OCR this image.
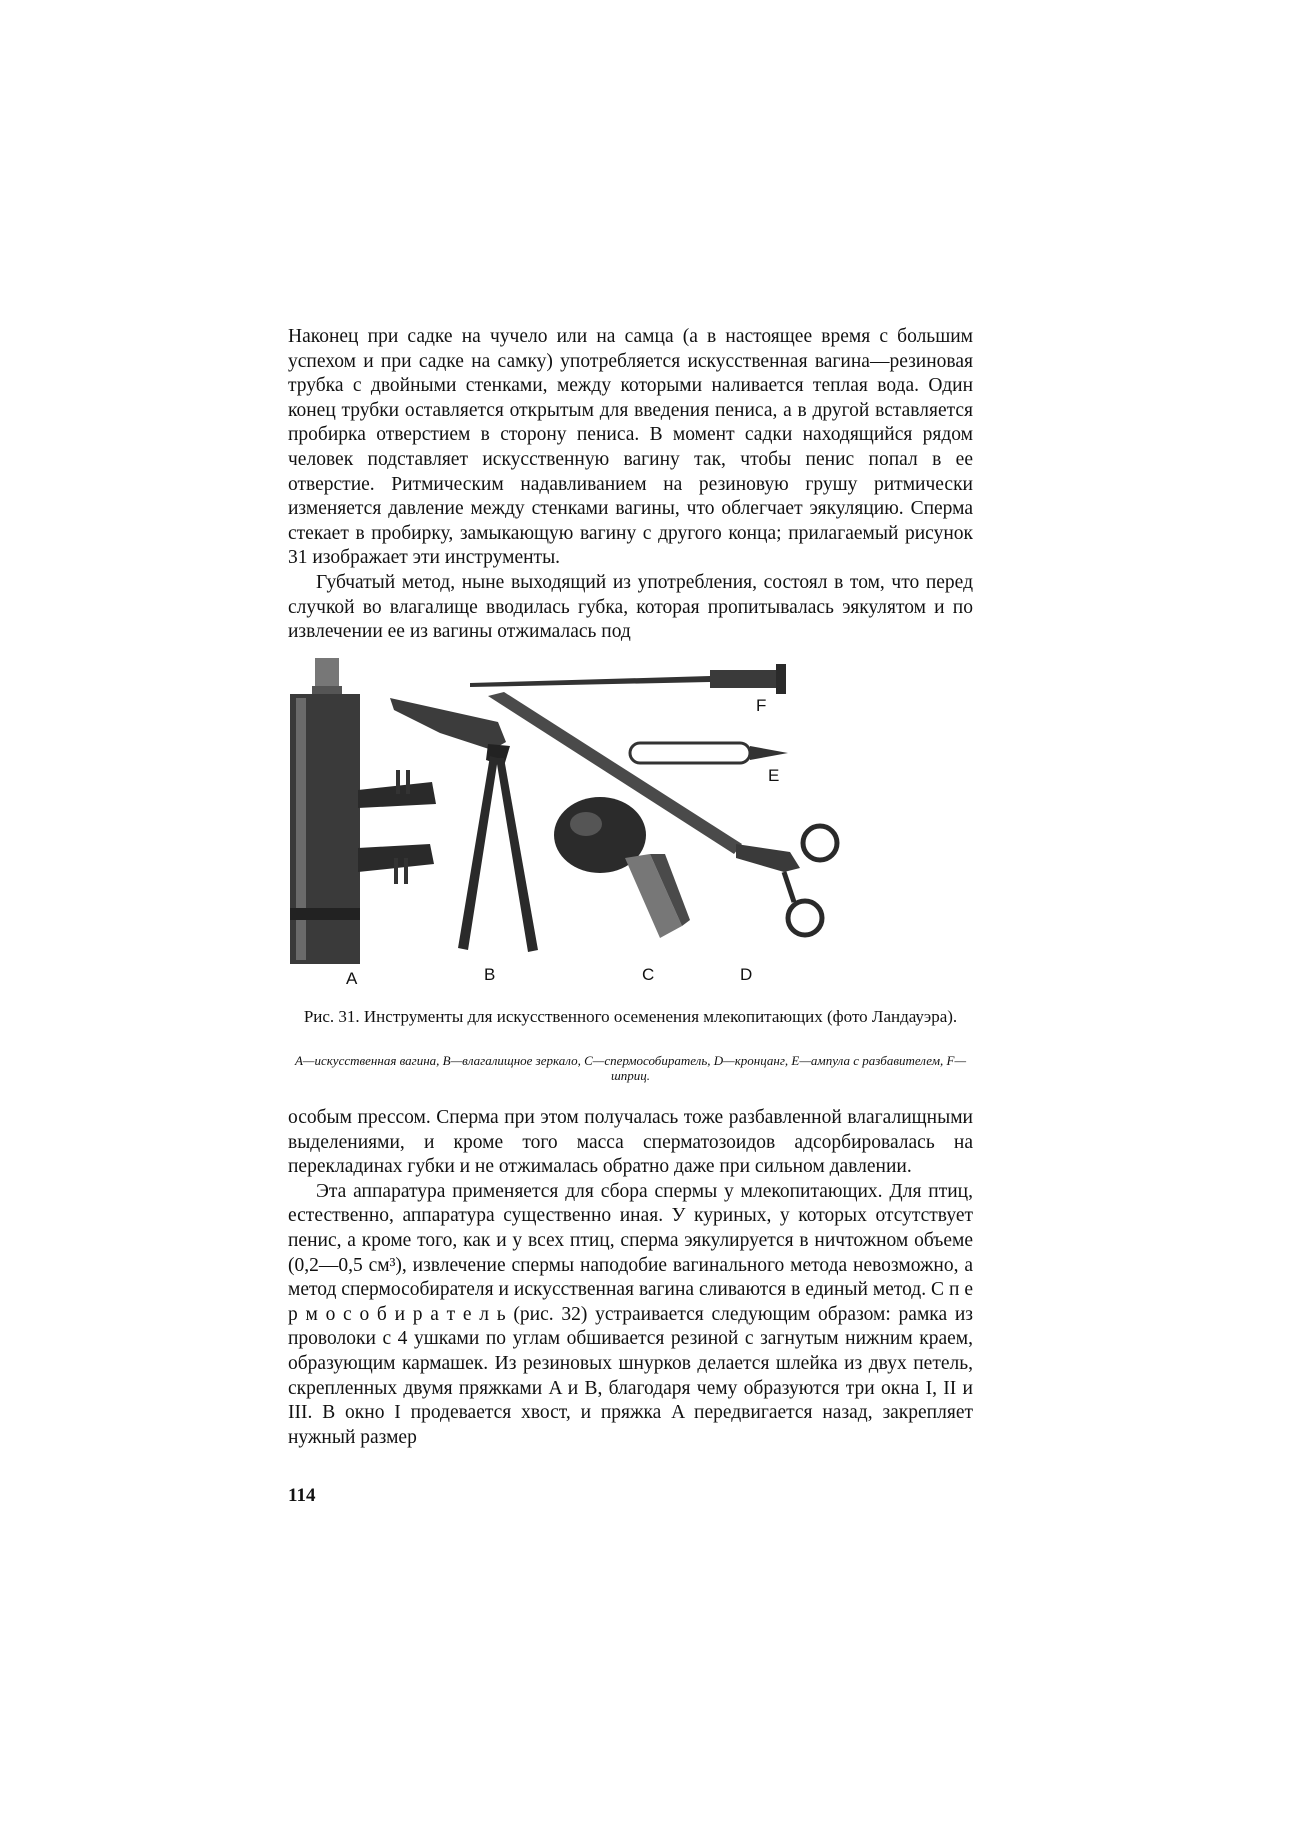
Наконец при садке на чучело или на самца (а в настоящее время с большим успехом и при садке на самку) употребляется искусственная вагина—резиновая трубка с двойными стенками, между которыми наливается теплая вода. Один конец трубки оставляется открытым для введения пениса, а в другой вставляется пробирка отверстием в сторону пениса. В момент садки находящийся рядом человек подставляет искусственную вагину так, чтобы пенис попал в ее отверстие. Ритмическим надавливанием на резиновую грушу ритмически изменяется давление между стенками вагины, что облегчает эякуляцию. Сперма стекает в пробирку, замыкающую вагину с другого конца; прилагаемый рисунок 31 изображает эти инструменты.

Губчатый метод, ныне выходящий из употребления, состоял в том, что перед случкой во влагалище вводилась губка, которая пропитывалась эякулятом и по извлечении ее из вагины отжималась под

A	B	C	D
E
F
Рис. 31. Инструменты для искусственного осеменения млекопитающих (фото Ландауэра).
A—искусственная вагина, B—влагалищное зеркало, C—спермособиратель, D—кронцанг, E—ампула с разбавителем, F—шприц.

особым прессом. Сперма при этом получалась тоже разбавленной влагалищными выделениями, и кроме того масса сперматозоидов адсорбировалась на перекладинах губки и не отжималась обратно даже при сильном давлении.

Эта аппаратура применяется для сбора спермы у млекопитающих. Для птиц, естественно, аппаратура существенно иная. У куриных, у которых отсутствует пенис, а кроме того, как и у всех птиц, сперма эякулируется в ничтожном объеме (0,2—0,5 см³), извлечение спермы наподобие вагинального метода невозможно, а метод спермособирателя и искусственная вагина сливаются в единый метод. С п е р м о с о б и р а т е л ь (рис. 32) устраивается следующим образом: рамка из проволоки с 4 ушками по углам обшивается резиной с загнутым нижним краем, образующим кармашек. Из резиновых шнурков делается шлейка из двух петель, скрепленных двумя пряжками A и B, благодаря чему образуются три окна I, II и III. В окно I продевается хвост, и пряжка A передвигается назад, закрепляет нужный размер

114
